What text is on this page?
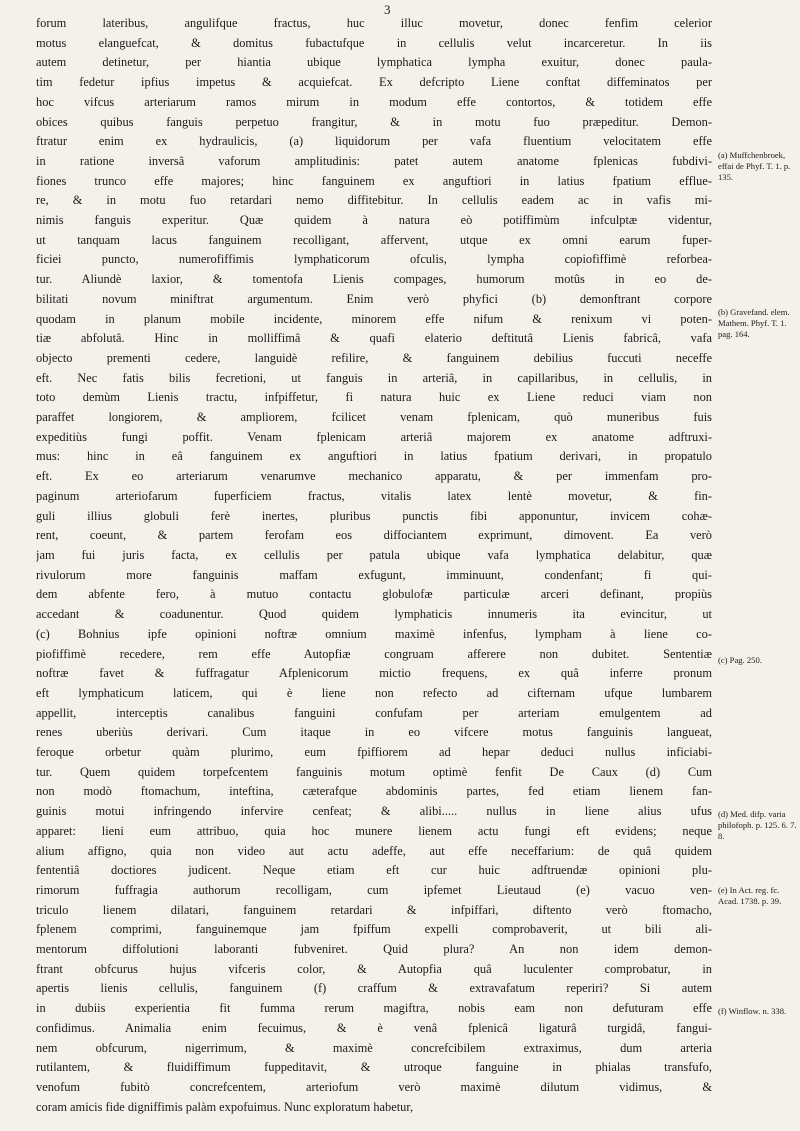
3
forum lateribus, angulifque fractus, huc illuc movetur, donec fenfim celerior
motus elanguefcat, & domitus fubactufque in cellulis velut incarceretur. In iis
autem detinetur, per hiantia ubique lymphatica lympha exuitur, donec paula-
tim fedetur ipfius impetus & acquiefcat. Ex defcripto Liene conftat diffeminatos per
hoc vifcus arteriarum ramos mirum in modum effe contortos, & totidem effe
obices quibus fanguis perpetuo frangitur, & in motu fuo præpeditur. Demon-
ftratur enim ex hydraulicis, (a) liquidorum per vafa fluentium velocitatem effe
in ratione inversâ vaforum amplitudinis: patet autem anatome fplenicas fubdivi-
fiones trunco effe majores; hinc fanguinem ex anguftiori in latius fpatium efflue-
re, & in motu fuo retardari nemo diffitebitur. In cellulis eadem ac in vafis mi-
nimis fanguis experitur. Quæ quidem à natura eò potiffimùm infculptæ videntur,
ut tanquam lacus fanguinem recolligant, affervent, utque ex omni earum fuper-
ficiei puncto, numerofiffimis lymphaticorum ofculis, lympha copiofiffimè reforbea-
tur. Aliundè laxior, & tomentofa Lienis compages, humorum motûs in eo de-
bilitati novum miniftrat argumentum. Enim verò phyfici (b) demonftrant corpore
quodam in planum mobile incidente, minorem effe nifum & renixum vi poten-
tiæ abfolutâ. Hinc in molliffimâ & quafi elaterio deftitutâ Lienis fabricâ, vafa
objecto prementi cedere, languidè refilire, & fanguinem debilius fuccuti neceffe
eft. Nec fatis bilis fecretioni, ut fanguis in arteriâ, in capillaribus, in cellulis, in
toto demùm Lienis tractu, infpiffetur, fi natura huic ex Liene reduci viam non
paraffet longiorem, & ampliorem, fcilicet venam fplenicam, quò muneribus fuis
expeditiùs fungi poffit. Venam fplenicam arteriâ majorem ex anatome adftruxi-
mus: hinc in eâ fanguinem ex anguftiori in latius fpatium derivari, in propatulo
eft. Ex eo arteriarum venarumve mechanico apparatu, & per immenfam pro-
paginum arteriofarum fuperficiem fractus, vitalis latex lentè movetur, & fin-
guli illius globuli ferè inertes, pluribus punctis fibi apponuntur, invicem cohæ-
rent, coeunt, & partem ferofam eos diffociantem exprimunt, dimovent. Ea verò
jam fui juris facta, ex cellulis per patula ubique vafa lymphatica delabitur, quæ
rivulorum more fanguinis maffam exfugunt, imminuunt, condenfant; fi qui-
dem abfente fero, à mutuo contactu globulofæ particulæ arceri definant, propiùs
accedant & coadunentur. Quod quidem lymphaticis innumeris ita evincitur, ut
(c) Bohnius ipfe opinioni noftræ omnium maximè infenfus, lympham à liene co-
piofiffimè recedere, rem effe Autopfiæ congruam afferere non dubitet. Sententiæ
noftræ favet & fuffragatur Afplenicorum mictio frequens, ex quâ inferre pronum
eft lymphaticum laticem, qui è liene non refecto ad cifternam ufque lumbarem
appellit, interceptis canalibus fanguini confufam per arteriam emulgentem ad
renes uberiùs derivari. Cum itaque in eo vifcere motus fanguinis langueat,
feroque orbetur quàm plurimo, eum fpiffiorem ad hepar deduci nullus inficiabi-
tur. Quem quidem torpefcentem fanguinis motum optimè fenfit De Caux (d) Cum
non modò ftomachum, inteftina, cæterafque abdominis partes, fed etiam lienem fan-
guinis motui infringendo infervire cenfeat; & alibi..... nullus in liene alius ufus
apparet: lieni eum attribuo, quia hoc munere lienem actu fungi eft evidens; neque
alium affigno, quia non video aut actu adeffe, aut effe neceffarium: de quâ quidem
fententiâ doctiores judicent. Neque etiam eft cur huic adftruendæ opinioni plu-
rimorum fuffragia authorum recolligam, cum ipfemet Lieutaud (e) vacuo ven-
triculo lienem dilatari, fanguinem retardari & infpiffari, diftento verò ftomacho,
fplenem comprimi, fanguinemque jam fpiffum expelli comprobaverit, ut bili ali-
mentorum diffolutioni laboranti fubveniret. Quid plura? An non idem demon-
ftrant obfcurus hujus vifceris color, & Autopfia quâ luculenter comprobatur, in
apertis lienis cellulis, fanguinem (f) craffum & extravafatum reperiri? Si autem
in dubiis experientia fit fumma rerum magiftra, nobis eam non defuturam effe
confidimus. Animalia enim fecuimus, & è venâ fplenicâ ligaturâ turgidâ, fangui-
nem obfcurum, nigerrimum, & maximè concrefcibilem extraximus, dum arteria
rutilantem, & fluidiffimum fuppeditavit, & utroque fanguine in phialas transfufo,
venofum fubitò concrefcentem, arteriofum verò maximè dilutum vidimus, &
coram amicis fide digniffimis palàm expofuimus. Nunc exploratum habetur,
(a) Muffchenbroek, effai de Phyf. T. 1. p. 135.
(b) Gravefand. elem. Mathem. Phyf. T. 1. pag. 164.
(c) Pag. 250.
(d) Med. difp. varia philofoph. p. 125. 6. 7. 8.
(e) In Act. reg. fc. Acad. 1738. p. 39.
(f) Winflow. n. 338.
